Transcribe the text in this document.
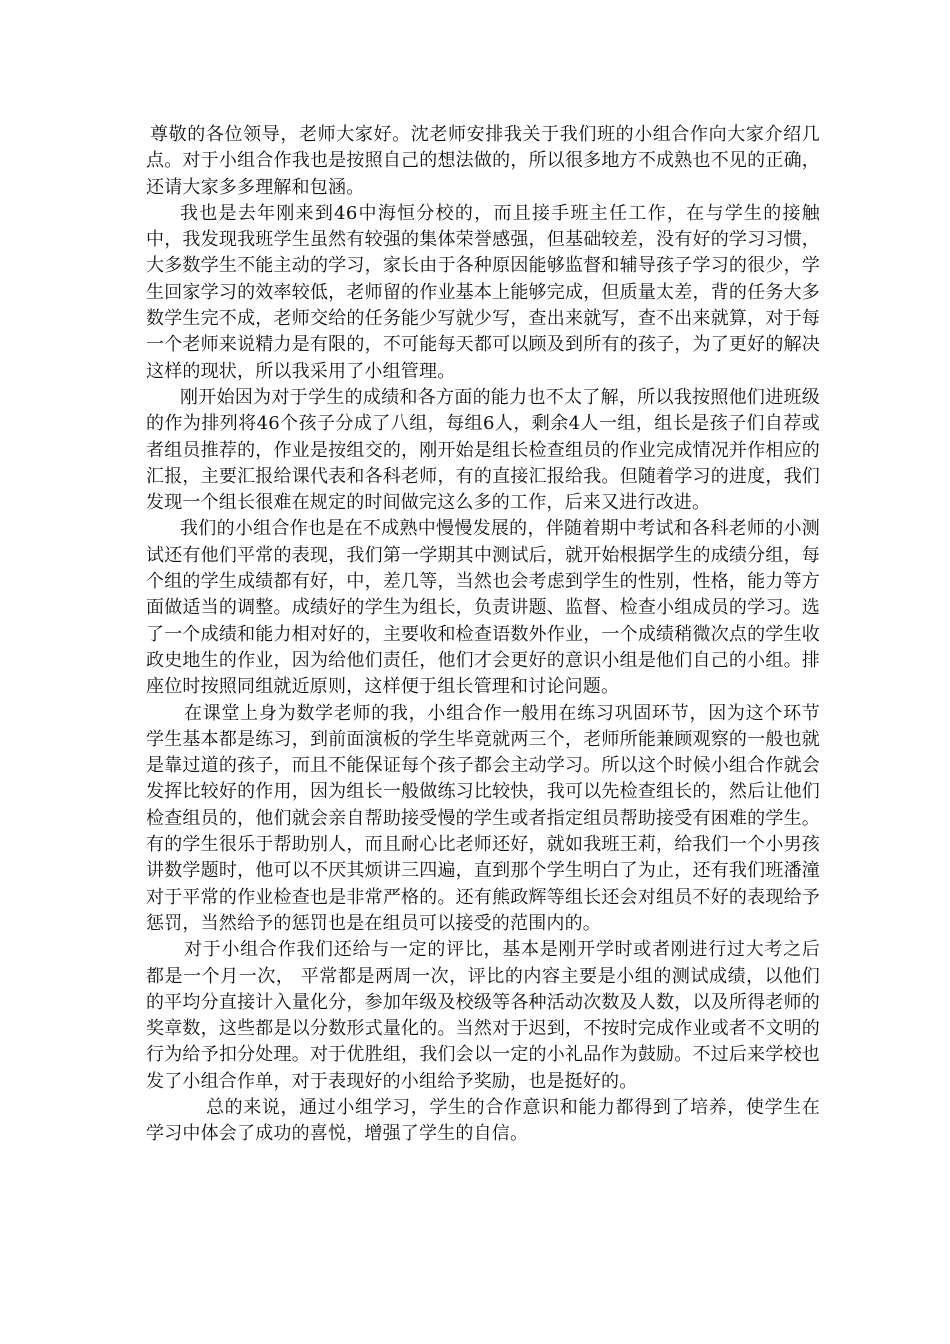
尊敬的各位领导，老师大家好。沈老师安排我关于我们班的小组合作向大家介绍几点。对于小组合作我也是按照自己的想法做的，所以很多地方不成熟也不见的正确，还请大家多多理解和包涵。

我也是去年刚来到46中海恒分校的，而且接手班主任工作，在与学生的接触中，我发现我班学生虽然有较强的集体荣誉感强，但基础较差，没有好的学习习惯，大多数学生不能主动的学习，家长由于各种原因能够监督和辅导孩子学习的很少，学生回家学习的效率较低，老师留的作业基本上能够完成，但质量太差，背的任务大多数学生完不成，老师交给的任务能少写就少写，查出来就写，查不出来就算，对于每一个老师来说精力是有限的，不可能每天都可以顾及到所有的孩子，为了更好的解决这样的现状，所以我采用了小组管理。

刚开始因为对于学生的成绩和各方面的能力也不太了解，所以我按照他们进班级的作为排列将46个孩子分成了八组，每组6人，剩余4人一组，组长是孩子们自荐或者组员推荐的，作业是按组交的，刚开始是组长检查组员的作业完成情况并作相应的汇报，主要汇报给课代表和各科老师，有的直接汇报给我。但随着学习的进度，我们发现一个组长很难在规定的时间做完这么多的工作，后来又进行改进。

我们的小组合作也是在不成熟中慢慢发展的，伴随着期中考试和各科老师的小测试还有他们平常的表现，我们第一学期其中测试后，就开始根据学生的成绩分组，每个组的学生成绩都有好，中，差几等，当然也会考虑到学生的性别，性格，能力等方面做适当的调整。成绩好的学生为组长，负责讲题、监督、检查小组成员的学习。选了一个成绩和能力相对好的，主要收和检查语数外作业，一个成绩稍微次点的学生收政史地生的作业，因为给他们责任，他们才会更好的意识小组是他们自己的小组。排座位时按照同组就近原则，这样便于组长管理和讨论问题。

在课堂上身为数学老师的我，小组合作一般用在练习巩固环节，因为这个环节学生基本都是练习，到前面演板的学生毕竟就两三个，老师所能兼顾观察的一般也就是靠过道的孩子，而且不能保证每个孩子都会主动学习。所以这个时候小组合作就会发挥比较好的作用，因为组长一般做练习比较快，我可以先检查组长的，然后让他们检查组员的，他们就会亲自帮助接受慢的学生或者指定组员帮助接受有困难的学生。有的学生很乐于帮助别人，而且耐心比老师还好，就如我班王莉，给我们一个小男孩讲数学题时，他可以不厌其烦讲三四遍，直到那个学生明白了为止，还有我们班潘潼对于平常的作业检查也是非常严格的。还有熊政辉等组长还会对组员不好的表现给予惩罚，当然给予的惩罚也是在组员可以接受的范围内的。

对于小组合作我们还给与一定的评比，基本是刚开学时或者刚进行过大考之后都是一个月一次， 平常都是两周一次，评比的内容主要是小组的测试成绩，以他们的平均分直接计入量化分，参加年级及校级等各种活动次数及人数，以及所得老师的奖章数，这些都是以分数形式量化的。当然对于迟到，不按时完成作业或者不文明的行为给予扣分处理。对于优胜组，我们会以一定的小礼品作为鼓励。不过后来学校也发了小组合作单，对于表现好的小组给予奖励，也是挺好的。

总的来说，通过小组学习，学生的合作意识和能力都得到了培养，使学生在学习中体会了成功的喜悦，增强了学生的自信。
